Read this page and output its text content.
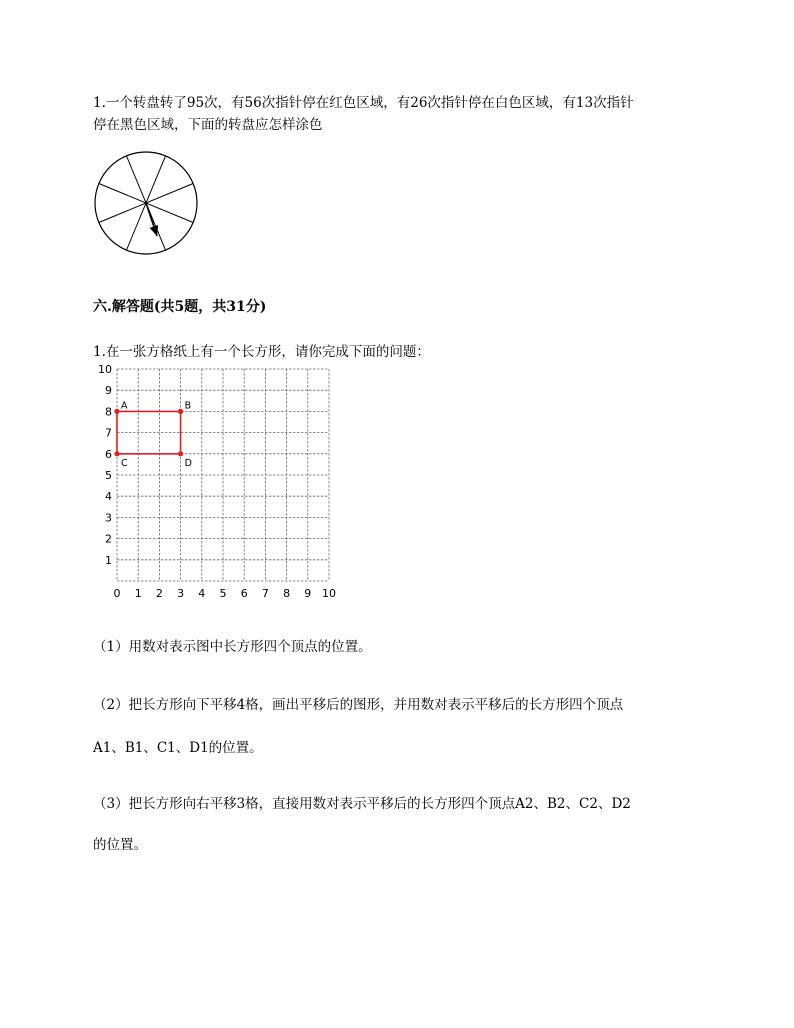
1.一个转盘转了95次，有56次指针停在红色区域，有26次指针停在白色区域，有13次指针
停在黑色区域，下面的转盘应怎样涂色
六.解答题(共5题，共31分)
1.在一张方格纸上有一个长方形，请你完成下面的问题：
0 1 2 3 4 5 6 7 8 9 10
1
2
3
4
5
6
7
8
9
10
A	B
C	D
（1）用数对表示图中长方形四个顶点的位置。
（2）把长方形向下平移4格，画出平移后的图形，并用数对表示平移后的长方形四个顶点
A1、B1、C1、D1的位置。
（3）把长方形向右平移3格，直接用数对表示平移后的长方形四个顶点A2、B2、C2、D2
的位置。
